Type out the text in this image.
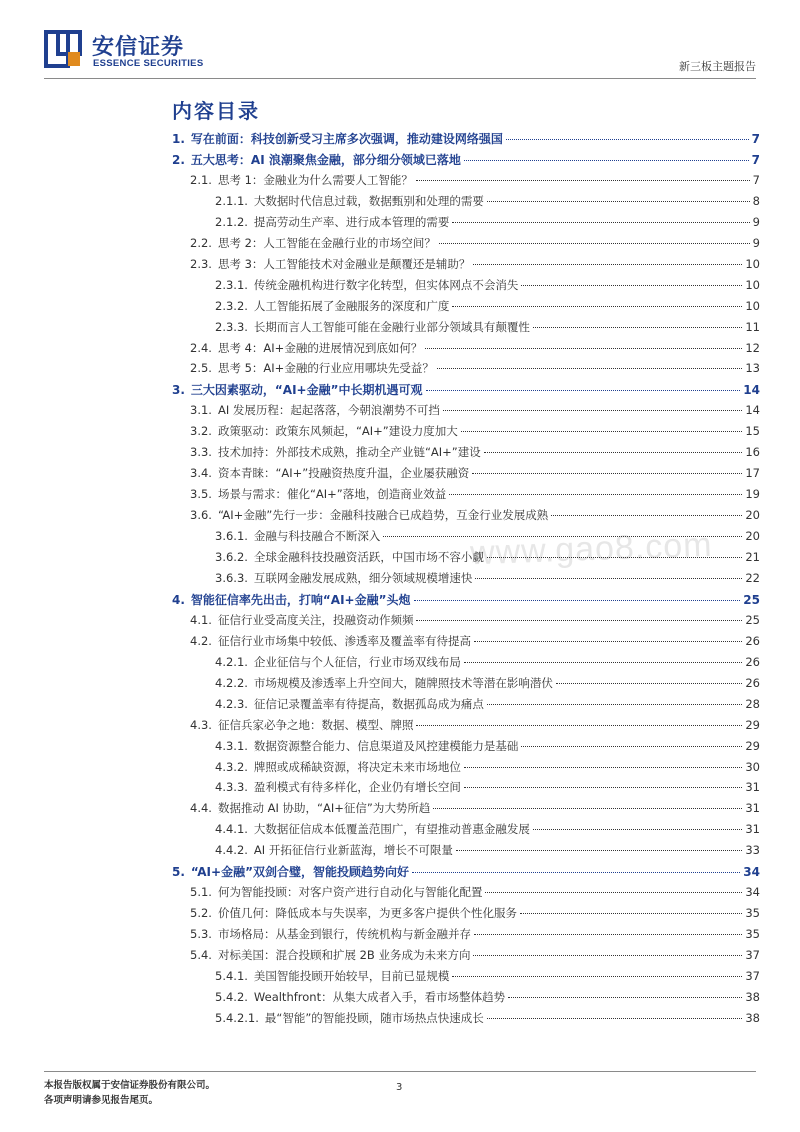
安信证券
ESSENCE SECURITIES	新三板主题报告
内容目录
www.gao8.com
1. 写在前面：科技创新受习主席多次强调，推动建设网络强国	7
2. 五大思考：AI 浪潮聚焦金融，部分细分领域已落地	7
2.1. 思考 1：金融业为什么需要人工智能？	7
2.1.1. 大数据时代信息过载，数据甄别和处理的需要	8
2.1.2. 提高劳动生产率、进行成本管理的需要	9
2.2. 思考 2：人工智能在金融行业的市场空间？	9
2.3. 思考 3：人工智能技术对金融业是颠覆还是辅助？	10
2.3.1. 传统金融机构进行数字化转型，但实体网点不会消失	10
2.3.2. 人工智能拓展了金融服务的深度和广度	10
2.3.3. 长期而言人工智能可能在金融行业部分领域具有颠覆性	11
2.4. 思考 4：AI+金融的进展情况到底如何？	12
2.5. 思考 5：AI+金融的行业应用哪块先受益？	13
3. 三大因素驱动，“AI+金融”中长期机遇可观	14
3.1. AI 发展历程：起起落落，今朝浪潮势不可挡	14
3.2. 政策驱动：政策东风频起，“AI+”建设力度加大	15
3.3. 技术加持：外部技术成熟，推动全产业链“AI+”建设	16
3.4. 资本青睐：“AI+”投融资热度升温，企业屡获融资	17
3.5. 场景与需求：催化“AI+”落地，创造商业效益	19
3.6. “AI+金融”先行一步：金融科技融合已成趋势，互金行业发展成熟	20
3.6.1. 金融与科技融合不断深入	20
3.6.2. 全球金融科技投融资活跃，中国市场不容小觑	21
3.6.3. 互联网金融发展成熟，细分领域规模增速快	22
4. 智能征信率先出击，打响“AI+金融”头炮	25
4.1. 征信行业受高度关注，投融资动作频频	25
4.2. 征信行业市场集中较低、渗透率及覆盖率有待提高	26
4.2.1. 企业征信与个人征信，行业市场双线布局	26
4.2.2. 市场规模及渗透率上升空间大，随牌照技术等潜在影响潜伏	26
4.2.3. 征信记录覆盖率有待提高，数据孤岛成为痛点	28
4.3. 征信兵家必争之地：数据、模型、牌照	29
4.3.1. 数据资源整合能力、信息渠道及风控建模能力是基础	29
4.3.2. 牌照或成稀缺资源，将决定未来市场地位	30
4.3.3. 盈利模式有待多样化，企业仍有增长空间	31
4.4. 数据推动 AI 协助，“AI+征信”为大势所趋	31
4.4.1. 大数据征信成本低覆盖范围广，有望推动普惠金融发展	31
4.4.2. AI 开拓征信行业新蓝海，增长不可限量	33
5. “AI+金融”双剑合璧，智能投顾趋势向好	34
5.1. 何为智能投顾：对客户资产进行自动化与智能化配置	34
5.2. 价值几何：降低成本与失误率，为更多客户提供个性化服务	35
5.3. 市场格局：从基金到银行，传统机构与新金融并存	35
5.4. 对标美国：混合投顾和扩展 2B 业务成为未来方向	37
5.4.1. 美国智能投顾开始较早，目前已显规模	37
5.4.2. Wealthfront：从集大成者入手，看市场整体趋势	38
5.4.2.1. 最“智能”的智能投顾，随市场热点快速成长	38
本报告版权属于安信证券股份有限公司。
各项声明请参见报告尾页。
3
